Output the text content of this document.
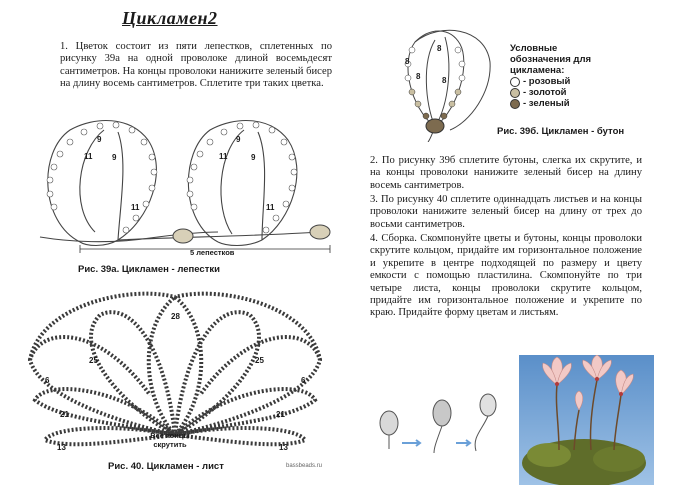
Цикламен2
1. Цветок состоит из пяти лепестков, сплетенных по рисунку 39а на одной проволоке длиной восемьдесят сантиметров. На концы проволоки нанижите зеленый бисер на длину восемь сантиметров. Сплетите три таких цветка.
9
9
11
11
11
9
9
11
5 лепестков
Рис. 39а. Цикламен - лепестки
28
25	25
6	6
21	21
13	13
Все концы скрутить
Рис. 40. Цикламен - лист	bassbeads.ru
8
8
8	8
Условные обозначения для цикламена:
- розовый
- золотой
- зеленый
Рис. 39б. Цикламен - бутон
2. По рисунку 39б сплетите бутоны, слегка их скрутите, и на концы проволоки нанижите зеленый бисер на длину восемь сантиметров.
3. По рисунку 40 сплетите одиннадцать листьев и на концы проволоки нанижите зеленый бисер на длину от трех до восьми сантиметров.
4. Сборка. Скомпонуйте цветы и бутоны, концы проволоки скрутите кольцом, придайте им горизонтальное положение и укрепите в центре подходящей по размеру и цвету емкости с помощью пластилина. Скомпонуйте по три четыре листа, концы проволоки скрутите кольцом, придайте им горизонтальное положение и укрепите по краю. Придайте форму цветам и листьям.
